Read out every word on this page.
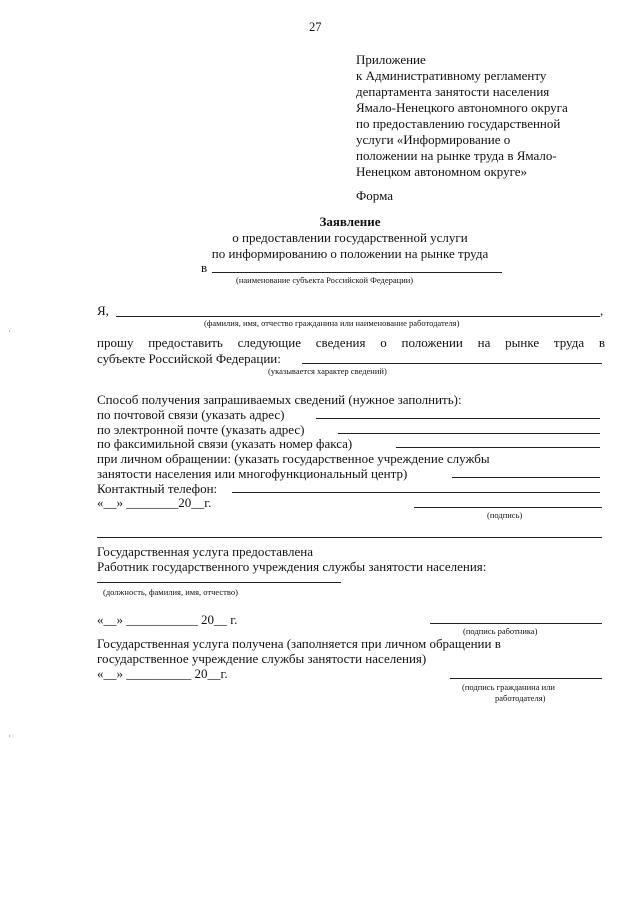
27
Приложение
к Административному регламенту
департамента занятости населения
Ямало-Ненецкого автономного округа
по предоставлению государственной
услуги «Информирование о
положении на рынке труда в Ямало-
Ненецком автономном округе»
Форма
Заявление
о предоставлении государственной услуги
по информированию о положении на рынке труда
в
(наименование субъекта Российской Федерации)
Я,	,
(фамилия, имя, отчество гражданина или наименование работодателя)
прошу предоставить следующие сведения о положении на рынке труда в
субъекте Российской Федерации:
(указывается характер сведений)
Способ получения запрашиваемых сведений (нужное заполнить):
по почтовой связи (указать адрес)
по электронной почте (указать адрес)
по факсимильной связи (указать номер факса)
при личном обращении: (указать государственное учреждение службы
занятости населения или многофункциональный центр)
Контактный телефон:
«__» ________20__г.
(подпись)
Государственная услуга предоставлена
Работник государственного учреждения службы занятости населения:
(должность, фамилия, имя, отчество)
«__» ___________ 20__ г.
(подпись работника)
Государственная услуга получена (заполняется при личном обращении в
государственное учреждение службы занятости населения)
«__» __________ 20__г.
(подпись гражданина или
работодателя)
